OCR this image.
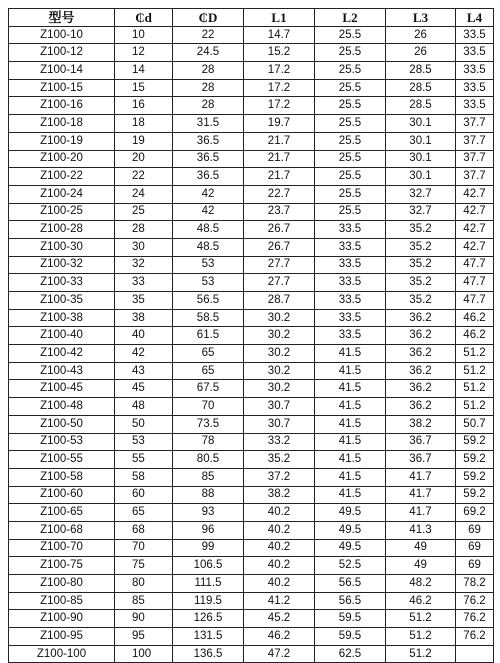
型号	₵d	₵D	L1	L2	L3	L4
Z100-10	10	22	14.7	25.5	26	33.5
Z100-12	12	24.5	15.2	25.5	26	33.5
Z100-14	14	28	17.2	25.5	28.5	33.5
Z100-15	15	28	17.2	25.5	28.5	33.5
Z100-16	16	28	17.2	25.5	28.5	33.5
Z100-18	18	31.5	19.7	25.5	30.1	37.7
Z100-19	19	36.5	21.7	25.5	30.1	37.7
Z100-20	20	36.5	21.7	25.5	30.1	37.7
Z100-22	22	36.5	21.7	25.5	30.1	37.7
Z100-24	24	42	22.7	25.5	32.7	42.7
Z100-25	25	42	23.7	25.5	32.7	42.7
Z100-28	28	48.5	26.7	33.5	35.2	42.7
Z100-30	30	48.5	26.7	33.5	35.2	42.7
Z100-32	32	53	27.7	33.5	35.2	47.7
Z100-33	33	53	27.7	33.5	35.2	47.7
Z100-35	35	56.5	28.7	33.5	35.2	47.7
Z100-38	38	58.5	30.2	33.5	36.2	46.2
Z100-40	40	61.5	30.2	33.5	36.2	46.2
Z100-42	42	65	30.2	41.5	36.2	51.2
Z100-43	43	65	30.2	41.5	36.2	51.2
Z100-45	45	67.5	30.2	41.5	36.2	51.2
Z100-48	48	70	30.7	41.5	36.2	51.2
Z100-50	50	73.5	30.7	41.5	38.2	50.7
Z100-53	53	78	33.2	41.5	36.7	59.2
Z100-55	55	80.5	35.2	41.5	36.7	59.2
Z100-58	58	85	37.2	41.5	41.7	59.2
Z100-60	60	88	38.2	41.5	41.7	59.2
Z100-65	65	93	40.2	49.5	41.7	69.2
Z100-68	68	96	40.2	49.5	41.3	69
Z100-70	70	99	40.2	49.5	49	69
Z100-75	75	106.5	40.2	52.5	49	69
Z100-80	80	111.5	40.2	56.5	48.2	78.2
Z100-85	85	119.5	41.2	56.5	46.2	76.2
Z100-90	90	126.5	45.2	59.5	51.2	76.2
Z100-95	95	131.5	46.2	59.5	51.2	76.2
Z100-100	100	136.5	47.2	62.5	51.2	
